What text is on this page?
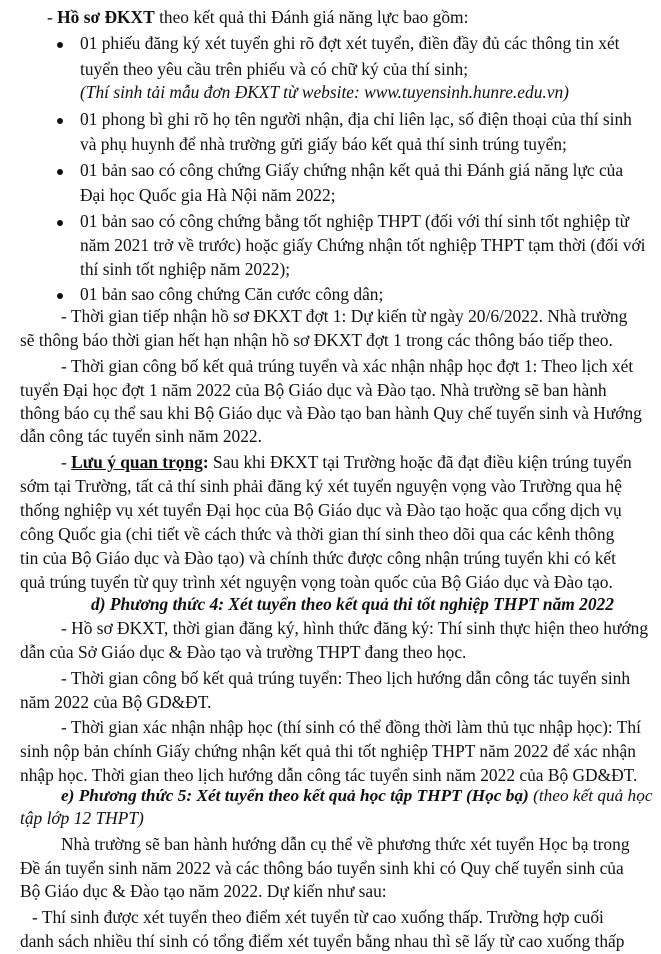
- Hồ sơ ĐKXT theo kết quả thi Đánh giá năng lực bao gồm:
01 phiếu đăng ký xét tuyển ghi rõ đợt xét tuyển, điền đầy đủ các thông tin xét
tuyển theo yêu cầu trên phiếu và có chữ ký của thí sinh;
(Thí sinh tải mẫu đơn ĐKXT từ website: www.tuyensinh.hunre.edu.vn)
01 phong bì ghi rõ họ tên người nhận, địa chỉ liên lạc, số điện thoại của thí sinh
và phụ huynh để nhà trường gửi giấy báo kết quả thí sinh trúng tuyển;
01 bản sao có công chứng Giấy chứng nhận kết quả thi Đánh giá năng lực của
Đại học Quốc gia Hà Nội năm 2022;
01 bản sao có công chứng bằng tốt nghiệp THPT (đối với thí sinh tốt nghiệp từ
năm 2021 trở về trước) hoặc giấy Chứng nhận tốt nghiệp THPT tạm thời (đối với
thí sinh tốt nghiệp năm 2022);
01 bản sao công chứng Căn cước công dân;
- Thời gian tiếp nhận hồ sơ ĐKXT đợt 1: Dự kiến từ ngày 20/6/2022. Nhà trường
sẽ thông báo thời gian hết hạn nhận hồ sơ ĐKXT đợt 1 trong các thông báo tiếp theo.
- Thời gian công bố kết quả trúng tuyển và xác nhận nhập học đợt 1: Theo lịch xét
tuyển Đại học đợt 1 năm 2022 của Bộ Giáo dục và Đào tạo. Nhà trường sẽ ban hành
thông báo cụ thể sau khi Bộ Giáo dục và Đào tạo ban hành Quy chế tuyển sinh và Hướng
dẫn công tác tuyển sinh năm 2022.
- Lưu ý quan trọng: Sau khi ĐKXT tại Trường hoặc đã đạt điều kiện trúng tuyển
sớm tại Trường, tất cả thí sinh phải đăng ký xét tuyển nguyện vọng vào Trường qua hệ
thống nghiệp vụ xét tuyển Đại học của Bộ Giáo dục và Đào tạo hoặc qua cổng dịch vụ
công Quốc gia (chi tiết về cách thức và thời gian thí sinh theo dõi qua các kênh thông
tin của Bộ Giáo dục và Đào tạo) và chính thức được công nhận trúng tuyển khi có kết
quả trúng tuyển từ quy trình xét nguyện vọng toàn quốc của Bộ Giáo dục và Đào tạo.
d) Phương thức 4: Xét tuyển theo kết quả thi tốt nghiệp THPT năm 2022
- Hồ sơ ĐKXT, thời gian đăng ký, hình thức đăng ký: Thí sinh thực hiện theo hướng
dẫn của Sở Giáo dục & Đào tạo và trường THPT đang theo học.
- Thời gian công bố kết quả trúng tuyển: Theo lịch hướng dẫn công tác tuyển sinh
năm 2022 của Bộ GD&ĐT.
- Thời gian xác nhận nhập học (thí sinh có thể đồng thời làm thủ tục nhập học): Thí
sinh nộp bản chính Giấy chứng nhận kết quả thi tốt nghiệp THPT năm 2022 để xác nhận
nhập học. Thời gian theo lịch hướng dẫn công tác tuyển sinh năm 2022 của Bộ GD&ĐT.
e) Phương thức 5: Xét tuyển theo kết quả học tập THPT (Học bạ) (theo kết quả học
tập lớp 12 THPT)
Nhà trường sẽ ban hành hướng dẫn cụ thể về phương thức xét tuyển Học bạ trong
Đề án tuyển sinh năm 2022 và các thông báo tuyển sinh khi có Quy chế tuyển sinh của
Bộ Giáo dục & Đào tạo năm 2022. Dự kiến như sau:
- Thí sinh được xét tuyển theo điểm xét tuyển từ cao xuống thấp. Trường hợp cuối
danh sách nhiều thí sinh có tổng điểm xét tuyển bằng nhau thì sẽ lấy từ cao xuống thấp
